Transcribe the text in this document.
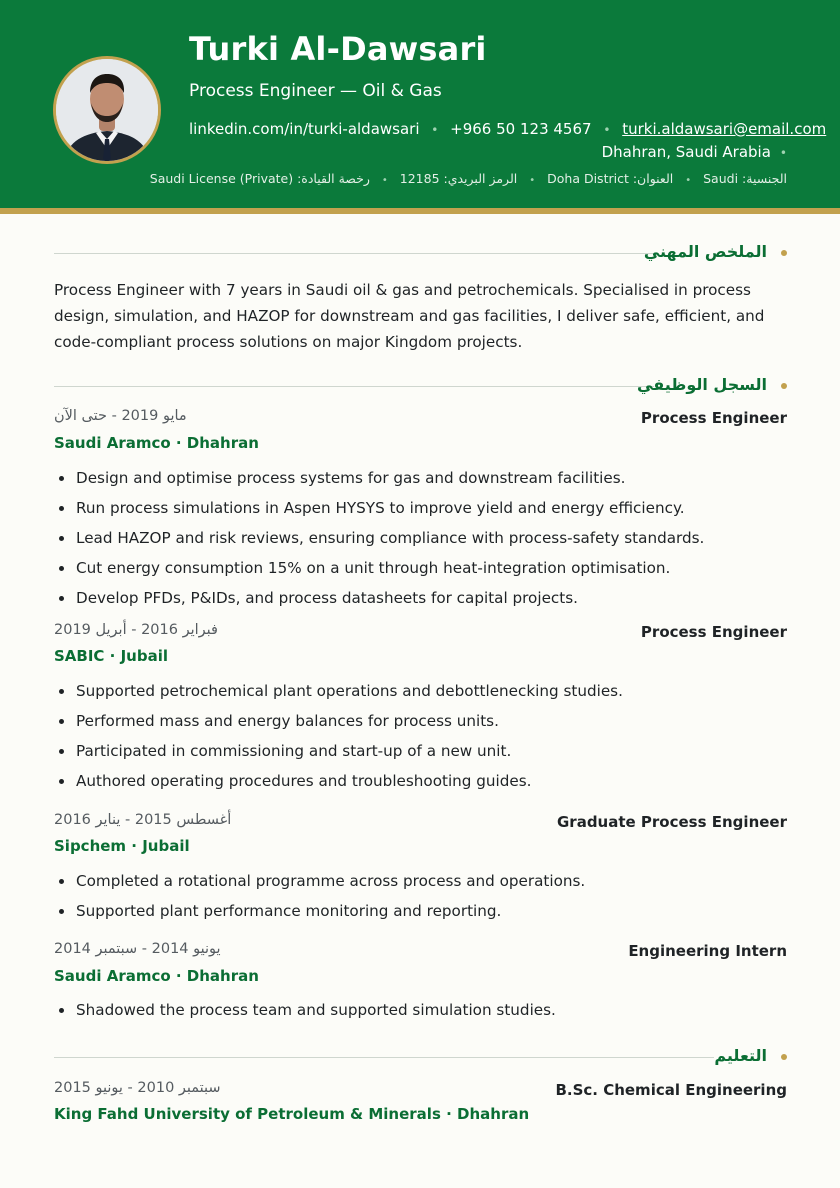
Turki Al-Dawsari
Process Engineer — Oil & Gas
linkedin.com/in/turki-aldawsari • +966 50 123 4567 • turki.aldawsari@email.com
Dhahran, Saudi Arabia •
الجنسية: Saudi • العنوان: Doha District • الرمز البريدي: 12185 • رخصة القيادة: Saudi License (Private)
الملخص المهني
Process Engineer with 7 years in Saudi oil & gas and petrochemicals. Specialised in process design, simulation, and HAZOP for downstream and gas facilities, I deliver safe, efficient, and code-compliant process solutions on major Kingdom projects.
السجل الوظيفي
Process Engineer
مايو 2019 - حتى الآن
Saudi Aramco · Dhahran
Design and optimise process systems for gas and downstream facilities.
Run process simulations in Aspen HYSYS to improve yield and energy efficiency.
Lead HAZOP and risk reviews, ensuring compliance with process-safety standards.
Cut energy consumption 15% on a unit through heat-integration optimisation.
Develop PFDs, P&IDs, and process datasheets for capital projects.
Process Engineer
فبراير 2016 - أبريل 2019
SABIC · Jubail
Supported petrochemical plant operations and debottlenecking studies.
Performed mass and energy balances for process units.
Participated in commissioning and start-up of a new unit.
Authored operating procedures and troubleshooting guides.
Graduate Process Engineer
أغسطس 2015 - يناير 2016
Sipchem · Jubail
Completed a rotational programme across process and operations.
Supported plant performance monitoring and reporting.
Engineering Intern
يونيو 2014 - سبتمبر 2014
Saudi Aramco · Dhahran
Shadowed the process team and supported simulation studies.
التعليم
B.Sc. Chemical Engineering
سبتمبر 2010 - يونيو 2015
King Fahd University of Petroleum & Minerals · Dhahran
